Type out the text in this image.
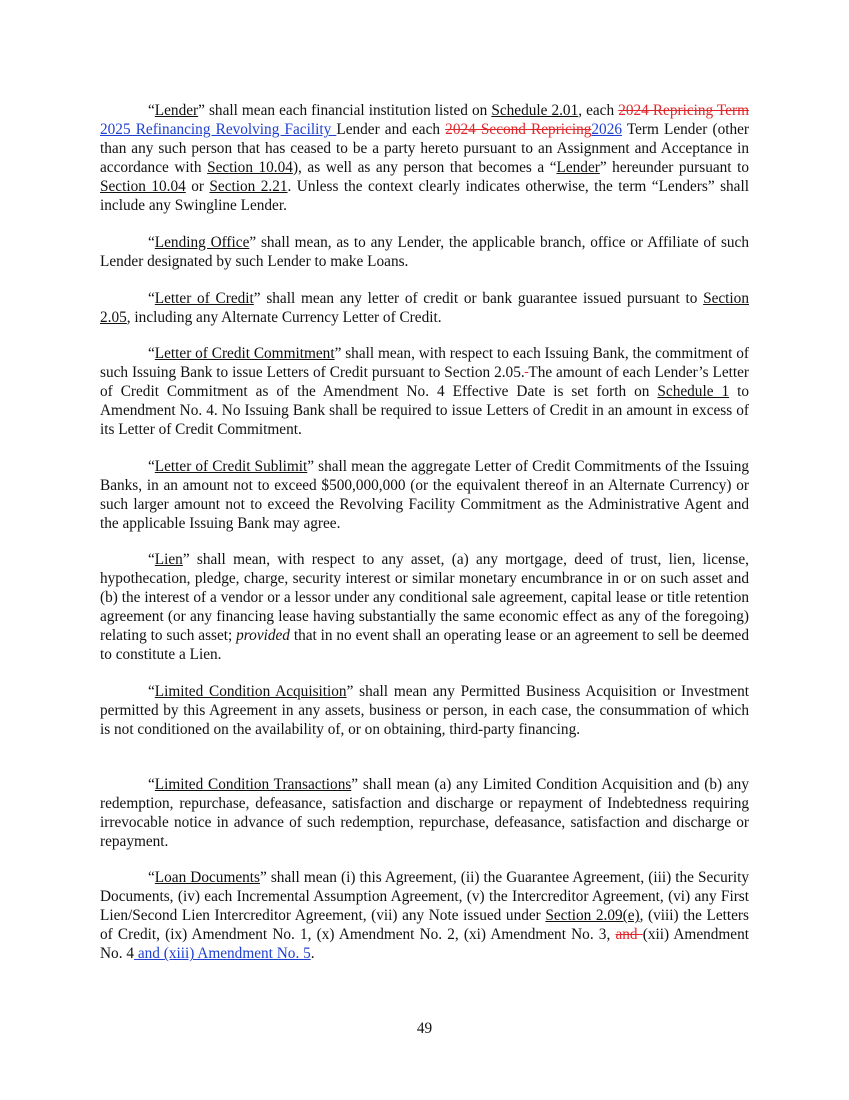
“Lender” shall mean each financial institution listed on Schedule 2.01, each 2024 Repricing Term 2025 Refinancing Revolving Facility Lender and each 2024 Second Repricing2026 Term Lender (other than any such person that has ceased to be a party hereto pursuant to an Assignment and Acceptance in accordance with Section 10.04), as well as any person that becomes a “Lender” hereunder pursuant to Section 10.04 or Section 2.21. Unless the context clearly indicates otherwise, the term “Lenders” shall include any Swingline Lender.

“Lending Office” shall mean, as to any Lender, the applicable branch, office or Affiliate of such Lender designated by such Lender to make Loans.

“Letter of Credit” shall mean any letter of credit or bank guarantee issued pursuant to Section 2.05, including any Alternate Currency Letter of Credit.

“Letter of Credit Commitment” shall mean, with respect to each Issuing Bank, the commitment of such Issuing Bank to issue Letters of Credit pursuant to Section 2.05. The amount of each Lender’s Letter of Credit Commitment as of the Amendment No. 4 Effective Date is set forth on Schedule 1 to Amendment No. 4. No Issuing Bank shall be required to issue Letters of Credit in an amount in excess of its Letter of Credit Commitment.

“Letter of Credit Sublimit” shall mean the aggregate Letter of Credit Commitments of the Issuing Banks, in an amount not to exceed $500,000,000 (or the equivalent thereof in an Alternate Currency) or such larger amount not to exceed the Revolving Facility Commitment as the Administrative Agent and the applicable Issuing Bank may agree.

“Lien” shall mean, with respect to any asset, (a) any mortgage, deed of trust, lien, license, hypothecation, pledge, charge, security interest or similar monetary encumbrance in or on such asset and (b) the interest of a vendor or a lessor under any conditional sale agreement, capital lease or title retention agreement (or any financing lease having substantially the same economic effect as any of the foregoing) relating to such asset; provided that in no event shall an operating lease or an agreement to sell be deemed to constitute a Lien.

“Limited Condition Acquisition” shall mean any Permitted Business Acquisition or Investment permitted by this Agreement in any assets, business or person, in each case, the consummation of which is not conditioned on the availability of, or on obtaining, third-party financing.

“Limited Condition Transactions” shall mean (a) any Limited Condition Acquisition and (b) any redemption, repurchase, defeasance, satisfaction and discharge or repayment of Indebtedness requiring irrevocable notice in advance of such redemption, repurchase, defeasance, satisfaction and discharge or repayment.

“Loan Documents” shall mean (i) this Agreement, (ii) the Guarantee Agreement, (iii) the Security Documents, (iv) each Incremental Assumption Agreement, (v) the Intercreditor Agreement, (vi) any First Lien/Second Lien Intercreditor Agreement, (vii) any Note issued under Section 2.09(e), (viii) the Letters of Credit, (ix) Amendment No. 1, (x) Amendment No. 2, (xi) Amendment No. 3, and (xii) Amendment No. 4 and (xiii) Amendment No. 5.

49
